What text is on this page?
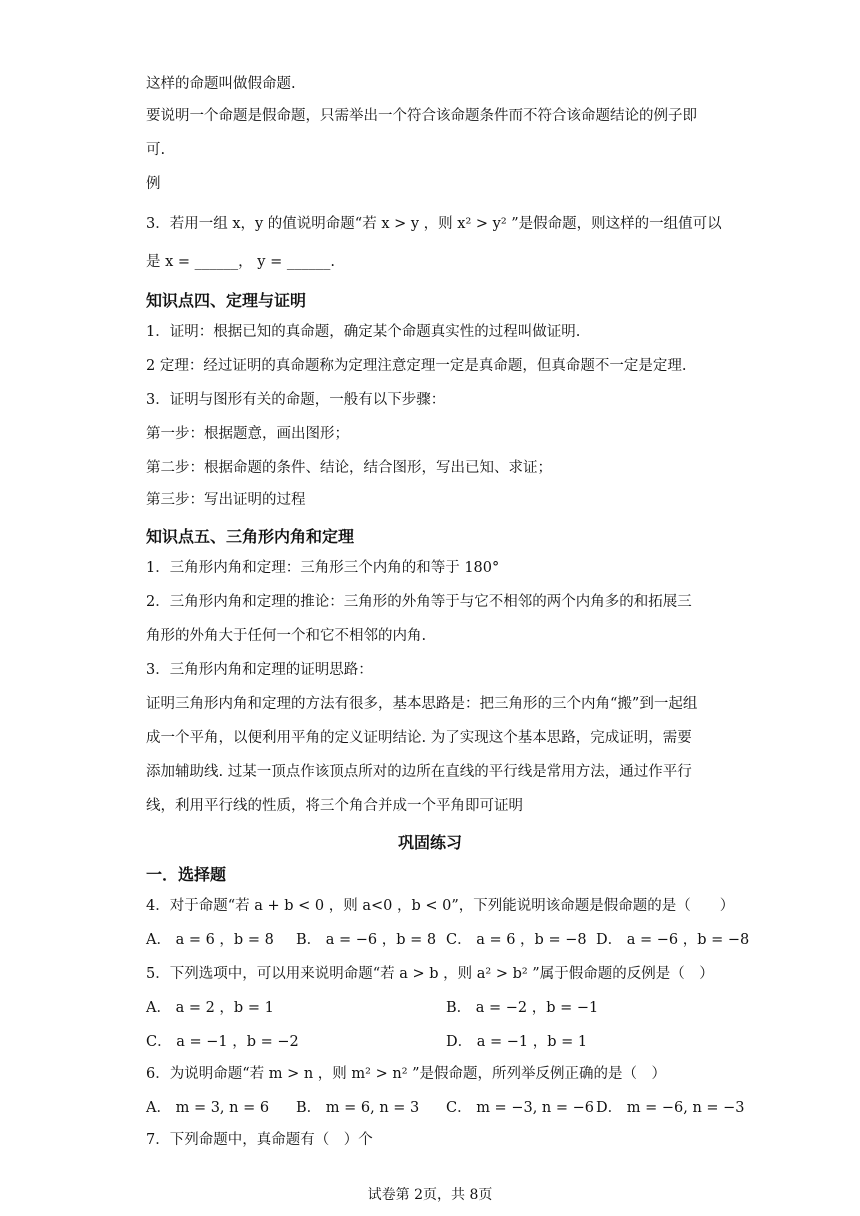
这样的命题叫做假命题.
要说明一个命题是假命题，只需举出一个符合该命题条件而不符合该命题结论的例子即
可.
例
3．若用一组 x，y 的值说明命题“若 x > y ，则 x² > y² ”是假命题，则这样的一组值可以
是 x = ______， y = ______.
知识点四、定理与证明
1．证明：根据已知的真命题，确定某个命题真实性的过程叫做证明.
2 定理：经过证明的真命题称为定理注意定理一定是真命题，但真命题不一定是定理.
3．证明与图形有关的命题，一般有以下步骤：
第一步：根据题意，画出图形；
第二步：根据命题的条件、结论，结合图形，写出已知、求证；
第三步：写出证明的过程
知识点五、三角形内角和定理
1．三角形内角和定理：三角形三个内角的和等于 180°
2．三角形内角和定理的推论：三角形的外角等于与它不相邻的两个内角多的和拓展三
角形的外角大于任何一个和它不相邻的内角.
3．三角形内角和定理的证明思路：
证明三角形内角和定理的方法有很多，基本思路是：把三角形的三个内角“搬”到一起组
成一个平角，以便利用平角的定义证明结论. 为了实现这个基本思路，完成证明，需要
添加辅助线. 过某一顶点作该顶点所对的边所在直线的平行线是常用方法，通过作平行
线，利用平行线的性质，将三个角合并成一个平角即可证明
巩固练习
一．选择题
4．对于命题“若 a + b < 0 ，则 a<0 ，b < 0”，下列能说明该命题是假命题的是（　　）
A． a = 6 ，b = 8 B． a = −6 ，b = 8 C． a = 6 ，b = −8 D． a = −6 ，b = −8
5．下列选项中，可以用来说明命题“若 a > b ，则 a² > b² ”属于假命题的反例是（　）
A． a = 2 ，b = 1	B． a = −2 ，b = −1
C． a = −1 ，b = −2	D． a = −1 ，b = 1
6．为说明命题“若 m > n ，则 m² > n² ”是假命题，所列举反例正确的是（　）
A． m = 3, n = 6 B． m = 6, n = 3 C． m = −3, n = −6 D． m = −6, n = −3
7．下列命题中，真命题有（　）个
试卷第 2页，共 8页
